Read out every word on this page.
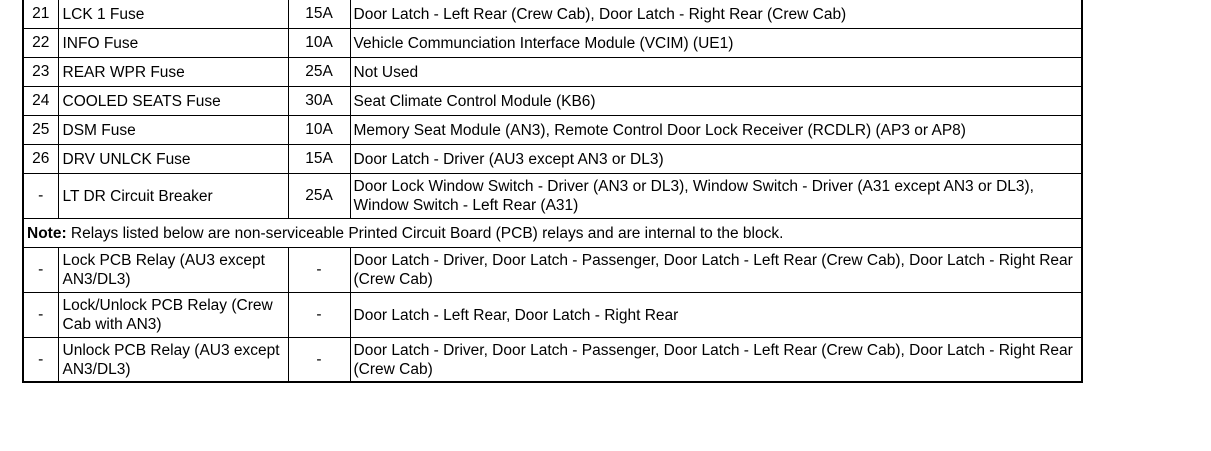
21	LCK 1 Fuse	15A	Door Latch - Left Rear (Crew Cab), Door Latch - Right Rear (Crew Cab)
22	INFO Fuse	10A	Vehicle Communciation Interface Module (VCIM) (UE1)
23	REAR WPR Fuse	25A	Not Used
24	COOLED SEATS Fuse	30A	Seat Climate Control Module (KB6)
25	DSM Fuse	10A	Memory Seat Module (AN3), Remote Control Door Lock Receiver (RCDLR) (AP3 or AP8)
26	DRV UNLCK Fuse	15A	Door Latch - Driver (AU3 except AN3 or DL3)
-	LT DR Circuit Breaker	25A	Door Lock Window Switch - Driver (AN3 or DL3), Window Switch - Driver (A31 except AN3 or DL3), Window Switch - Left Rear (A31)
Note: Relays listed below are non-serviceable Printed Circuit Board (PCB) relays and are internal to the block.			
-	Lock PCB Relay (AU3 except AN3/DL3)	-	Door Latch - Driver, Door Latch - Passenger, Door Latch - Left Rear (Crew Cab), Door Latch - Right Rear (Crew Cab)
-	Lock/Unlock PCB Relay (Crew Cab with AN3)	-	Door Latch - Left Rear, Door Latch - Right Rear
-	Unlock PCB Relay (AU3 except AN3/DL3)	-	Door Latch - Driver, Door Latch - Passenger, Door Latch - Left Rear (Crew Cab), Door Latch - Right Rear (Crew Cab)
